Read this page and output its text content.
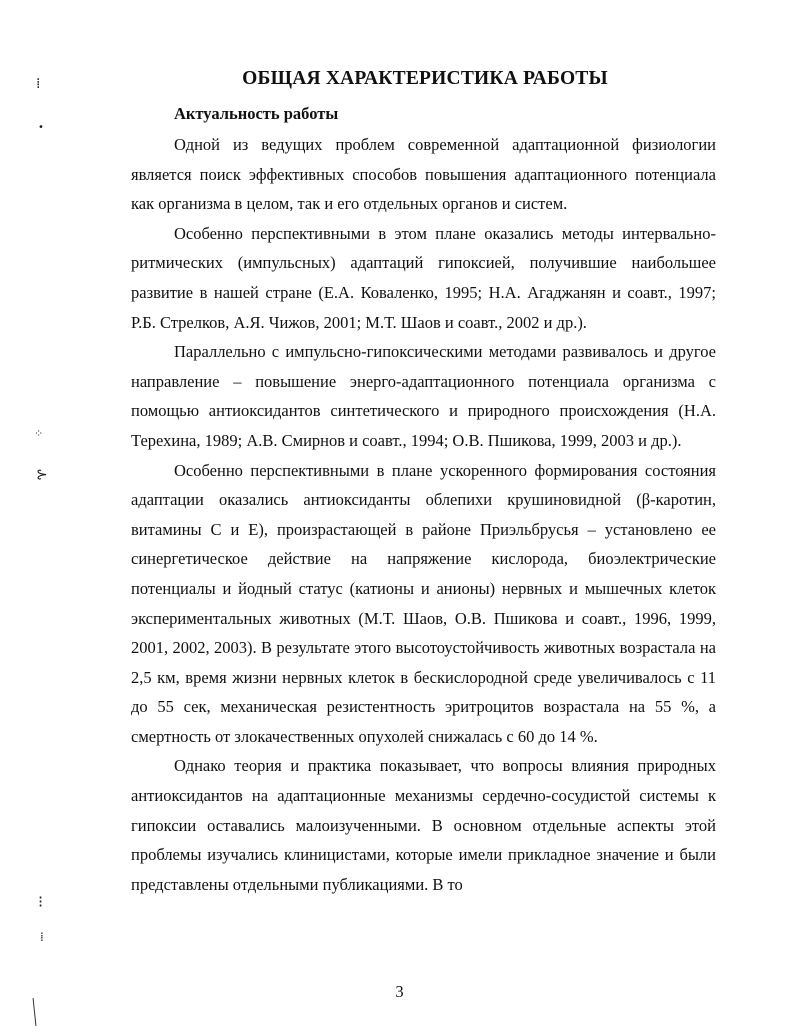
ОБЩАЯ ХАРАКТЕРИСТИКА РАБОТЫ
Актуальность работы

Одной из ведущих проблем современной адаптационной физиологии является поиск эффективных способов повышения адаптационного потенциала как организма в целом, так и его отдельных органов и систем.

Особенно перспективными в этом плане оказались методы интервально-ритмических (импульсных) адаптаций гипоксией, получившие наибольшее развитие в нашей стране (Е.А. Коваленко, 1995; Н.А. Агаджанян и соавт., 1997; Р.Б. Стрелков, А.Я. Чижов, 2001; М.Т. Шаов и соавт., 2002 и др.).

Параллельно с импульсно-гипоксическими методами развивалось и другое направление – повышение энерго-адаптационного потенциала организма с помощью антиоксидантов синтетического и природного происхождения (Н.А. Терехина, 1989; А.В. Смирнов и соавт., 1994; О.В. Пшикова, 1999, 2003 и др.).

Особенно перспективными в плане ускоренного формирования состояния адаптации оказались антиоксиданты облепихи крушиновидной (β-каротин, витамины С и Е), произрастающей в районе Приэльбрусья – установлено ее синергетическое действие на напряжение кислорода, биоэлектрические потенциалы и йодный статус (катионы и анионы) нервных и мышечных клеток экспериментальных животных (М.Т. Шаов, О.В. Пшикова и соавт., 1996, 1999, 2001, 2002, 2003). В результате этого высотоустойчивость животных возрастала на 2,5 км, время жизни нервных клеток в бескислородной среде увеличивалось с 11 до 55 сек, механическая резистентность эритроцитов возрастала на 55 %, а смертность от злокачественных опухолей снижалась с 60 до 14 %.

Однако теория и практика показывает, что вопросы влияния природных антиоксидантов на адаптационные механизмы сердечно-сосудистой системы к гипоксии оставались малоизученными. В основном отдельные аспекты этой проблемы изучались клиницистами, которые имели прикладное значение и были представлены отдельными публикациями. В то

3
⁞
•
⁘
⊱
⁝
⁞
